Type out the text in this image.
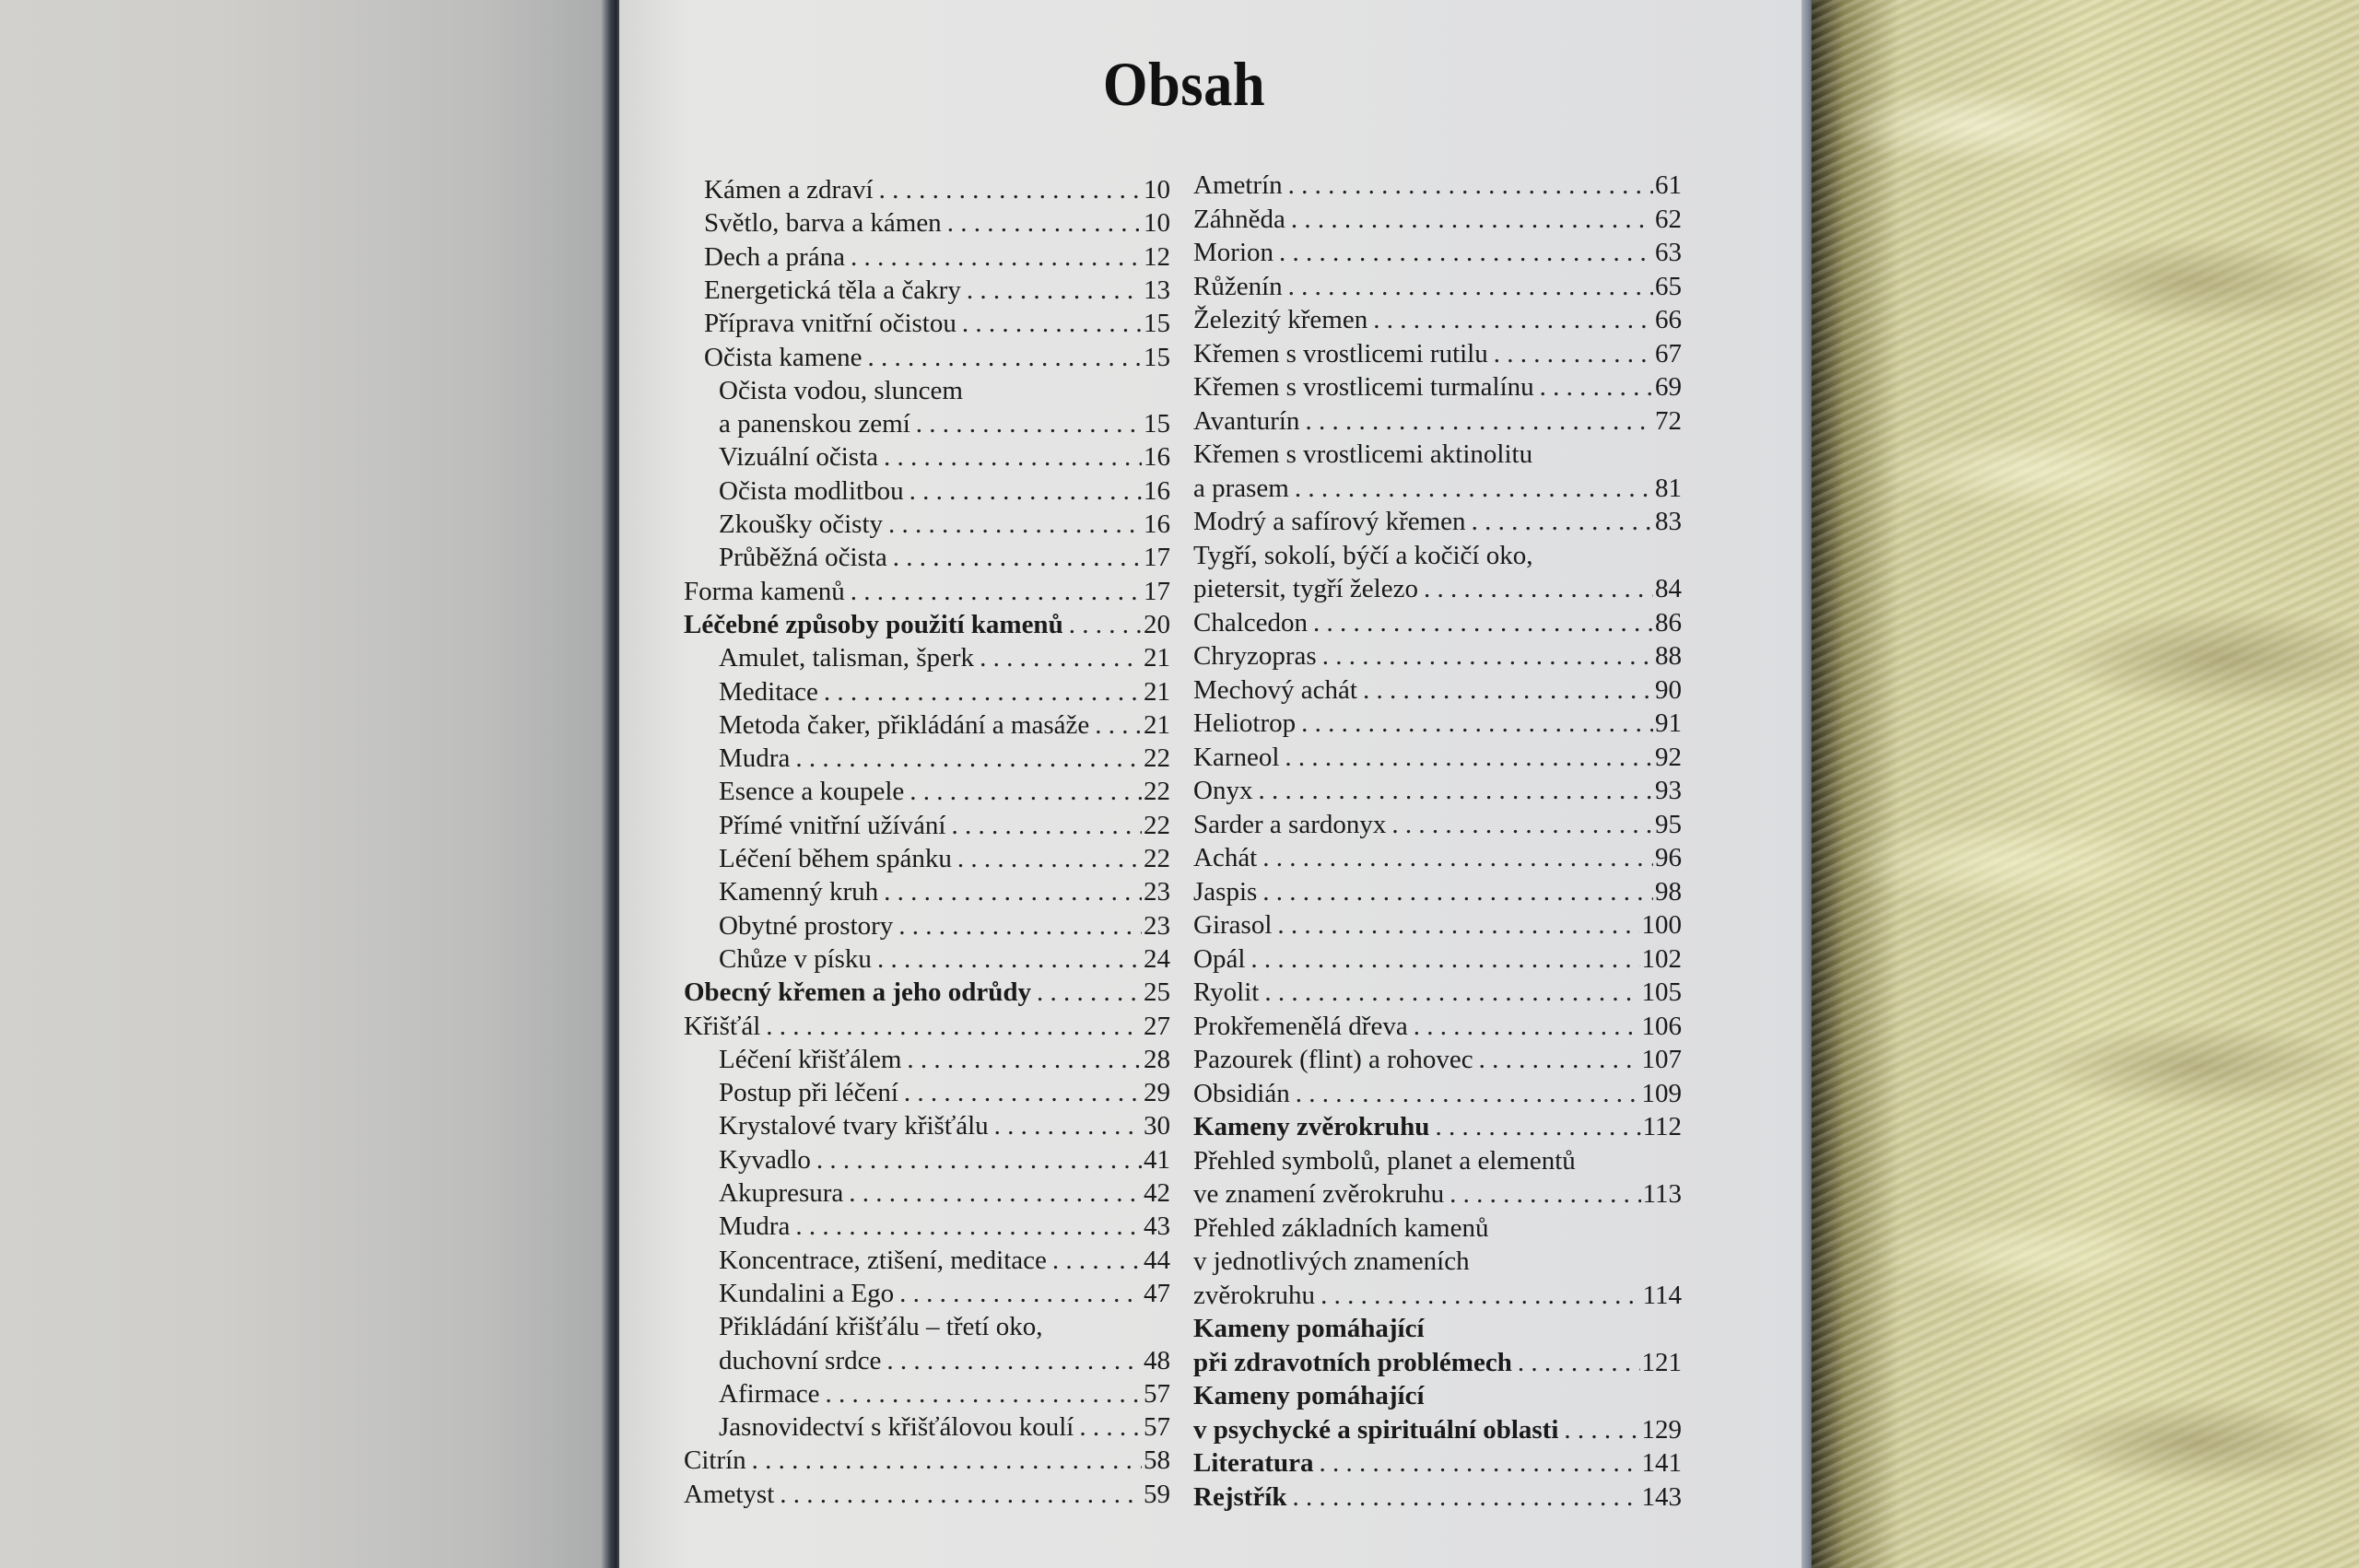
Obsah
Kámen a zdraví . . .	10
Světlo, barva a kámen . . .	10
Dech a prána . . .	12
Energetická těla a čakry . . .	13
Příprava vnitřní očistou . . .	15
Očista kamene . . .	15
Očista vodou, sluncem
a panenskou zemí . . .	15
Vizuální očista . . .	16
Očista modlitbou . . .	16
Zkoušky očisty . . .	16
Průběžná očista . . .	17
Forma kamenů . . .	17
Léčebné způsoby použití kamenů . . .	20
Amulet, talisman, šperk . . .	21
Meditace . . .	21
Metoda čaker, přikládání a masáže . . . 21
Mudra . . .	22
Esence a koupele . . .	22
Přímé vnitřní užívání . . .	22
Léčení během spánku . . .	22
Kamenný kruh . . .	23
Obytné prostory . . .	23
Chůze v písku . . .	24
Obecný křemen a jeho odrůdy . . .	25
Křišťál . . .	27
Léčení křišťálem . . .	28
Postup při léčení . . .	29
Krystalové tvary křišťálu . . .	30
Kyvadlo . . .	41
Akupresura . . .	42
Mudra . . .	43
Koncentrace, ztišení, meditace . . .	44
Kundalini a Ego . . .	47
Přikládání křišťálu – třetí oko,
duchovní srdce . . .	48
Afirmace . . .	57
Jasnovidectví s křišťálovou koulí . . .	57
Citrín . . .	58
Ametyst . . .	59
Ametrín . . .	61
Záhněda . . .	62
Morion . . .	63
Růženín . . .	65
Železitý křemen . . .	66
Křemen s vrostlicemi rutilu . . .	67
Křemen s vrostlicemi turmalínu . . .	69
Avanturín . . .	72
Křemen s vrostlicemi aktinolitu
a prasem . . .	81
Modrý a safírový křemen . . .	83
Tygří, sokolí, býčí a kočičí oko,
pietersit, tygří železo . . .	84
Chalcedon . . .	86
Chryzopras . . .	88
Mechový achát . . .	90
Heliotrop . . .	91
Karneol . . .	92
Onyx . . .	93
Sarder a sardonyx . . .	95
Achát . . .	96
Jaspis . . .	98
Girasol . . .	100
Opál . . .	102
Ryolit . . .	105
Prokřemenělá dřeva . . .	106
Pazourek (flint) a rohovec . . .	107
Obsidián . . .	109
Kameny zvěrokruhu . . .	112
Přehled symbolů, planet a elementů
ve znamení zvěrokruhu . . .	113
Přehled základních kamenů
v jednotlivých znameních
zvěrokruhu . . .	114
Kameny pomáhající
při zdravotních problémech . . .	121
Kameny pomáhající
v psychycké a spirituální oblasti . . .	129
Literatura . . .	141
Rejstřík . . .	143
